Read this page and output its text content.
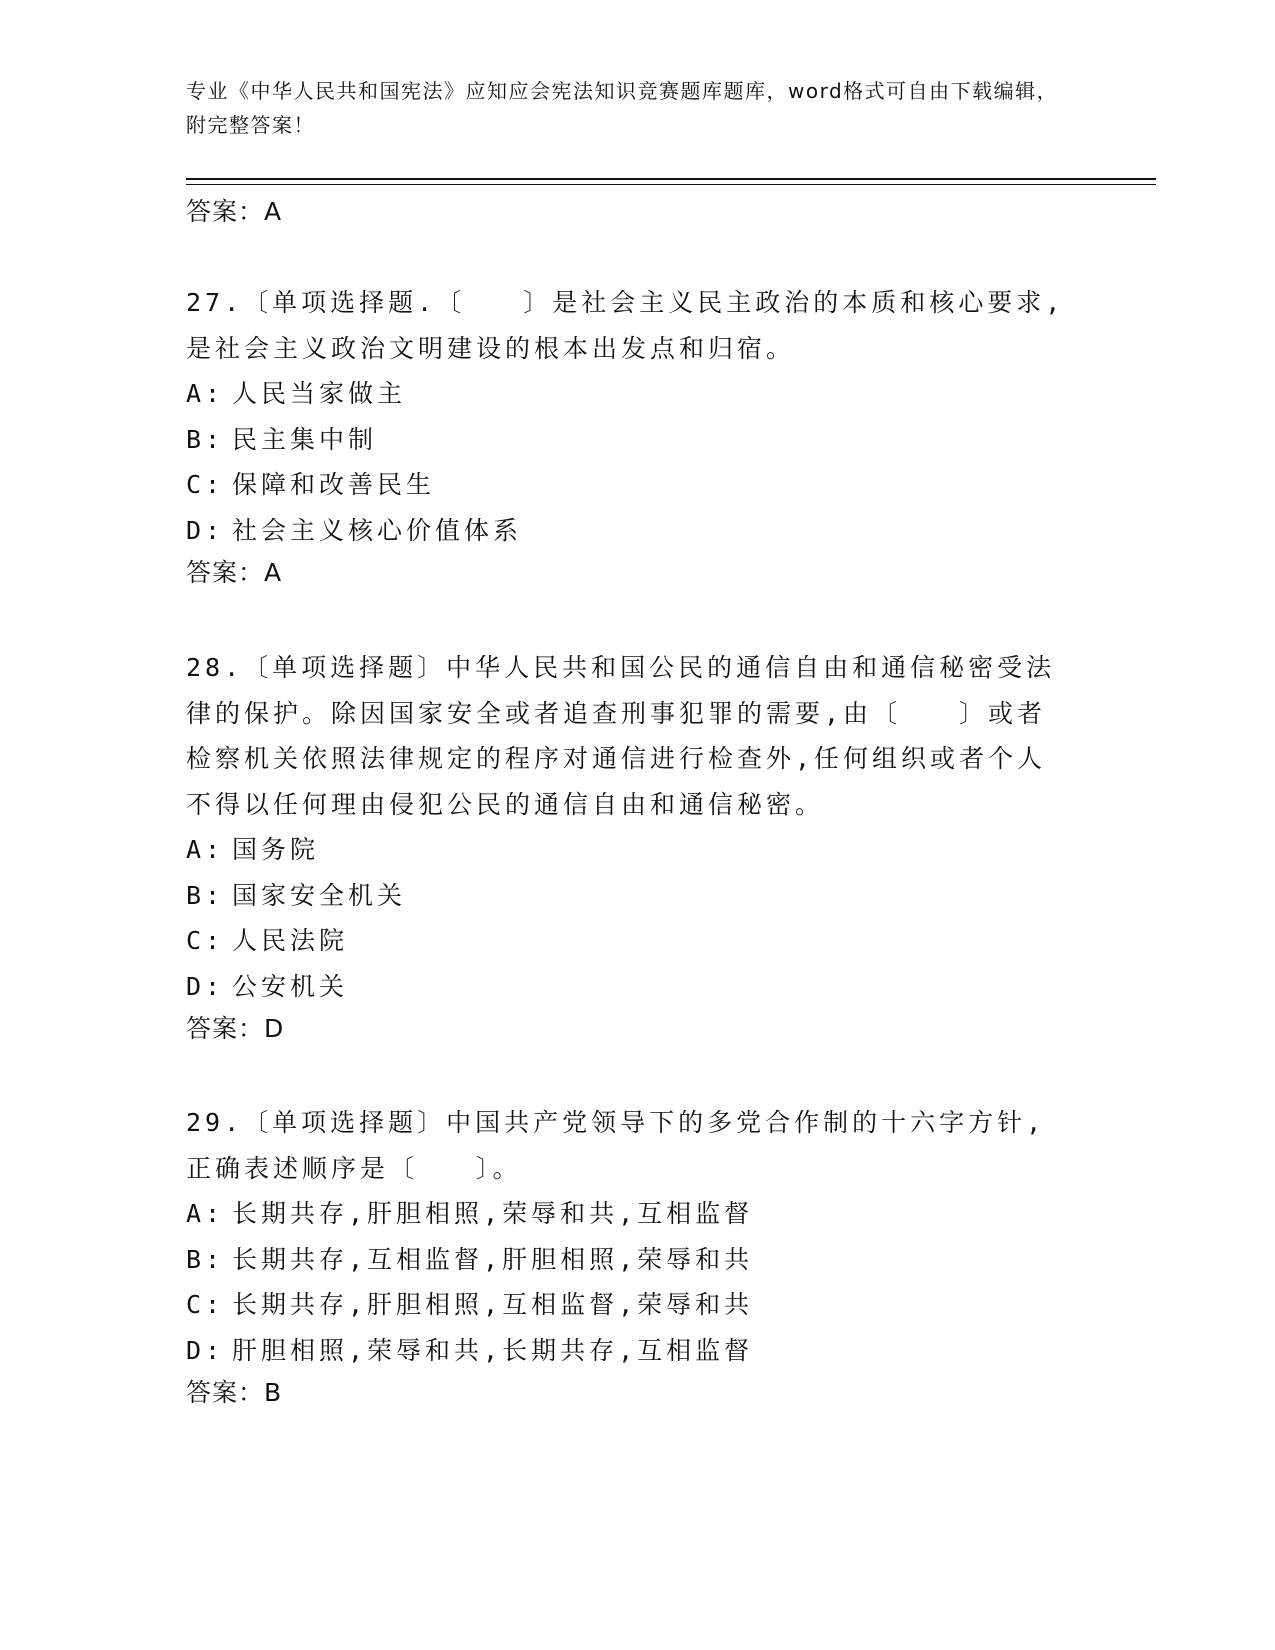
专业《中华人民共和国宪法》应知应会宪法知识竞赛题库题库，word格式可自由下载编辑，附完整答案！
答案：A

27.〔单项选择题.〔　　〕是社会主义民主政治的本质和核心要求,是社会主义政治文明建设的根本出发点和归宿。

A: 人民当家做主
B: 民主集中制
C: 保障和改善民生
D: 社会主义核心价值体系
答案：A

28.〔单项选择题〕中华人民共和国公民的通信自由和通信秘密受法律的保护。除因国家安全或者追查刑事犯罪的需要,由〔　　〕或者检察机关依照法律规定的程序对通信进行检查外,任何组织或者个人不得以任何理由侵犯公民的通信自由和通信秘密。

A: 国务院
B: 国家安全机关
C: 人民法院
D: 公安机关
答案：D

29.〔单项选择题〕中国共产党领导下的多党合作制的十六字方针,正确表述顺序是〔　　〕。

A: 长期共存,肝胆相照,荣辱和共,互相监督
B: 长期共存,互相监督,肝胆相照,荣辱和共
C: 长期共存,肝胆相照,互相监督,荣辱和共
D: 肝胆相照,荣辱和共,长期共存,互相监督
答案：B
